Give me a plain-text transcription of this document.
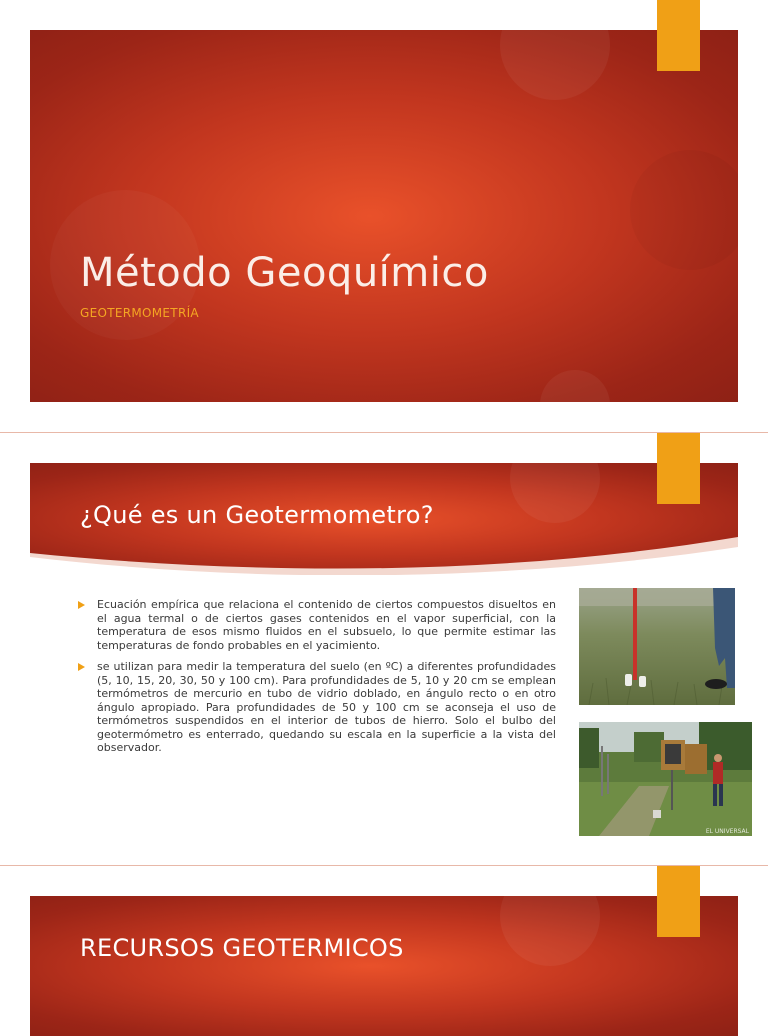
Método Geoquímico

GEOTERMOMETRÍA

¿Qué es un Geotermometro?
Ecuación empírica que relaciona el contenido de ciertos compuestos disueltos en el agua termal o de ciertos gases contenidos en el vapor superficial, con la temperatura de esos mismo fluidos en el subsuelo, lo que permite estimar las temperaturas de fondo probables en el yacimiento.
se utilizan para medir la temperatura del suelo (en ºC) a diferentes profundidades (5, 10, 15, 20, 30, 50 y 100 cm). Para profundidades de 5, 10 y 20 cm se emplean termómetros de mercurio en tubo de vidrio doblado, en ángulo recto o en otro ángulo apropiado. Para profundidades de 50 y 100 cm se aconseja el uso de termómetros suspendidos en el interior de tubos de hierro. Solo el bulbo del geotermómetro es enterrado, quedando su escala en la superficie a la vista del observador.
EL UNIVERSAL
RECURSOS GEOTERMICOS
